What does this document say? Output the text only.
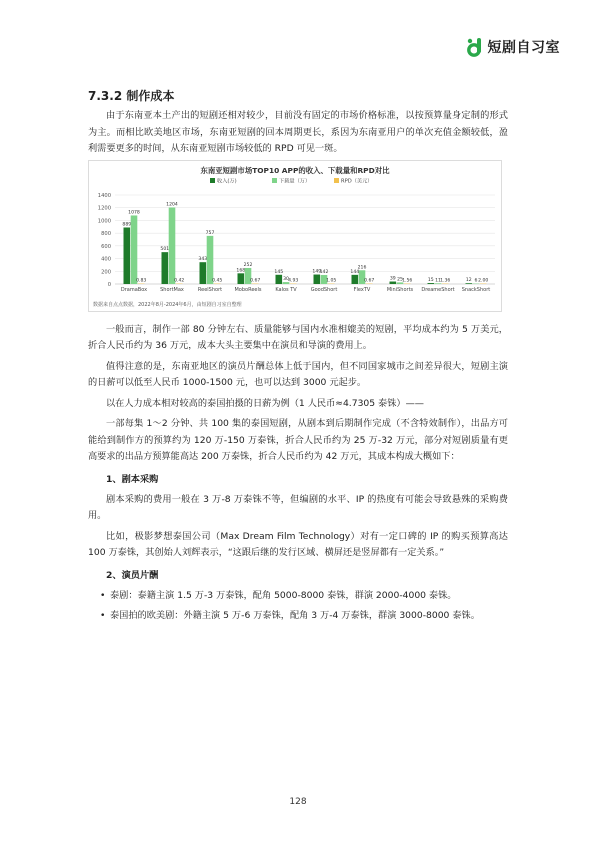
短剧自习室
7.3.2 制作成本

由于东南亚本土产出的短剧还相对较少，目前没有固定的市场价格标准，以按预算量身定制的形式为主。而相比欧美地区市场，东南亚短剧的回本周期更长，系因为东南亚用户的单次充值金额较低，盈利需要更多的时间，从东南亚短剧市场较低的 RPD 可见一斑。

东南亚短剧市场TOP10 APP的收入、下载量和RPD对比
收入(万)	下载量（万）	RPD（美元）
0
200
400
600
800
1000
1200
1400
889
1078
0.83
DramaBox
501
1204
0.42
ShortMax
343
757
0.45
ReelShort
168
252
0.67
MoboReels
145
30 4.93
Kalos TV
149
142
1.05
GoodShort
144
216
0.67
FlexTV
39 25 1.56
MiniShorts
15 11 1.36
DreameShort
12 6 2.00
SnackShort
数据来自点点数据，2022年8月-2024年6月，由短剧自习室自整理

一般而言，制作一部 80 分钟左右、质量能够与国内水准相媲美的短剧，平均成本约为 5 万美元，折合人民币约为 36 万元，成本大头主要集中在演员和导演的费用上。

值得注意的是，东南亚地区的演员片酬总体上低于国内，但不同国家城市之间差异很大，短剧主演的日薪可以低至人民币 1000-1500 元，也可以达到 3000 元起步。

以在人力成本相对较高的泰国拍摄的日薪为例（1 人民币≈4.7305 泰铢）——

一部每集 1～2 分钟、共 100 集的泰国短剧，从剧本到后期制作完成（不含特效制作），出品方可能给到制作方的预算约为 120 万-150 万泰铢，折合人民币约为 25 万-32 万元，部分对短剧质量有更高要求的出品方预算能高达 200 万泰铢，折合人民币约为 42 万元，其成本构成大概如下：

1、剧本采购

剧本采购的费用一般在 3 万-8 万泰铢不等，但编剧的水平、IP 的热度有可能会导致悬殊的采购费用。

比如，极影梦想泰国公司（Max Dream Film Technology）对有一定口碑的 IP 的购买预算高达 100 万泰铢，其创始人刘辉表示，“这跟后继的发行区域、横屏还是竖屏都有一定关系。”

2、演员片酬
• 泰剧：泰籍主演 1.5 万-3 万泰铢，配角 5000-8000 泰铢，群演 2000-4000 泰铢。
• 泰国拍的欧美剧：外籍主演 5 万-6 万泰铢，配角 3 万-4 万泰铢，群演 3000-8000 泰铢。
128
